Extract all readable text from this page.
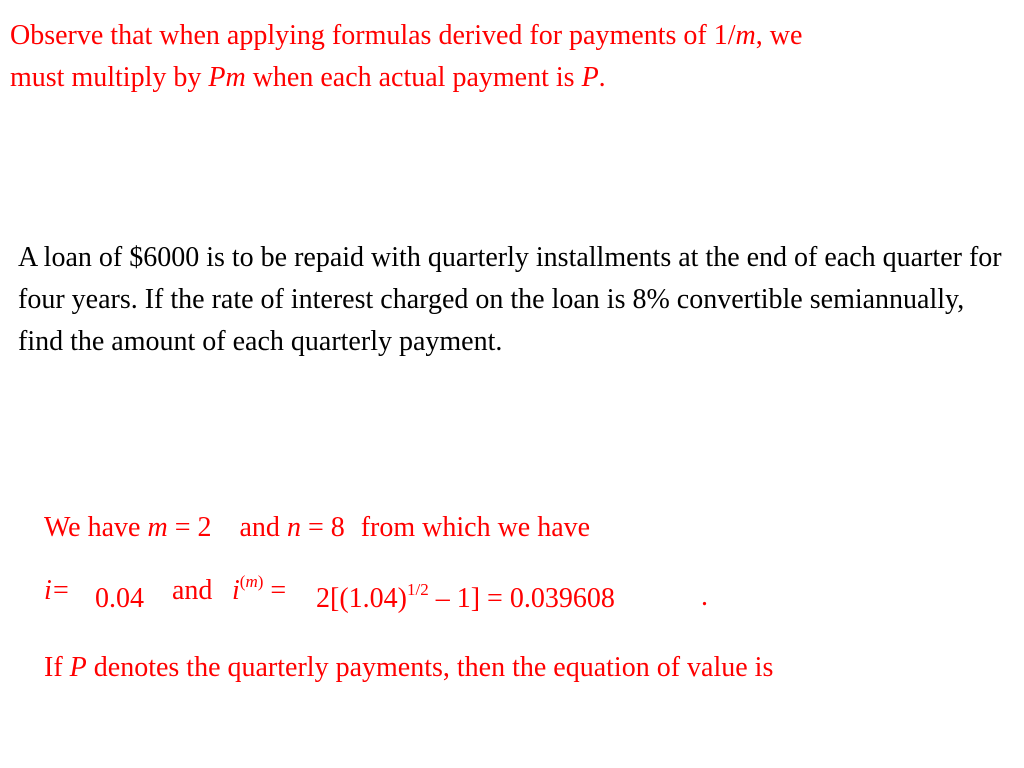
Observe that when applying formulas derived for payments of 1/m, we
must multiply by Pm when each actual payment is P.
A loan of $6000 is to be repaid with quarterly installments at the end of each quarter for four years. If the rate of interest charged on the loan is 8% convertible semiannually, find the amount of each quarterly payment.
We have m = 2 and n = 8 from which we have
i = 0.04 and $i^{(m)} = 2[(1.04)^{1/2} - 1] = 0.039608$	.
If P denotes the quarterly payments, then the equation of value is
